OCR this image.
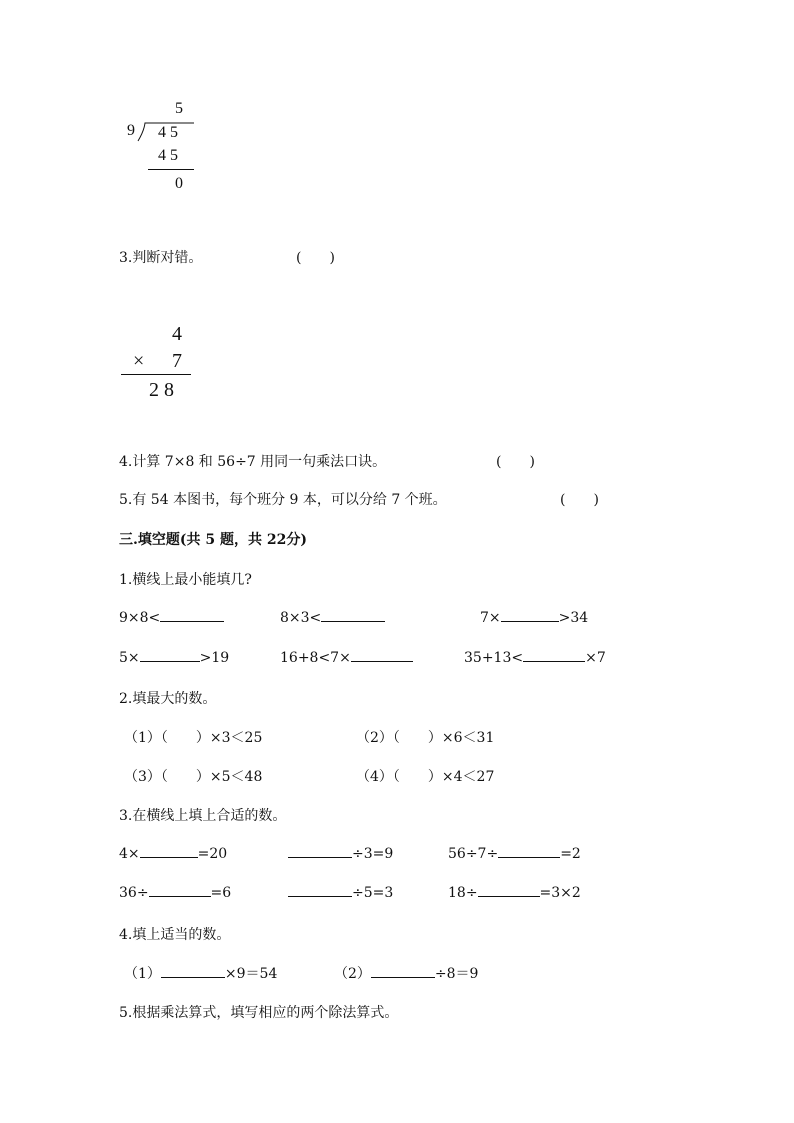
5
9 4 5
4 5
0
3.判断对错。	(　　)
4
× 7
2 8
4.计算 7×8 和 56÷7 用同一句乘法口诀。	(　　)
5.有 54 本图书，每个班分 9 本，可以分给 7 个班。	(　　)
三.填空题(共 5 题，共 22分)
1.横线上最小能填几?
9×8<	8×3<	7×	>34
5×	>19	16+8<7×	35+13<	×7
2.填最大的数。
（1）（　　）×3＜25	（2）（　　）×6＜31
（3）（　　）×5＜48	（4）（　　）×4＜27
3.在横线上填上合适的数。
4×	=20	÷3=9	56÷7÷	=2
36÷	=6	÷5=3	18÷	=3×2
4.填上适当的数。
（1）	×9＝54	（2）	÷8＝9
5.根据乘法算式，填写相应的两个除法算式。
